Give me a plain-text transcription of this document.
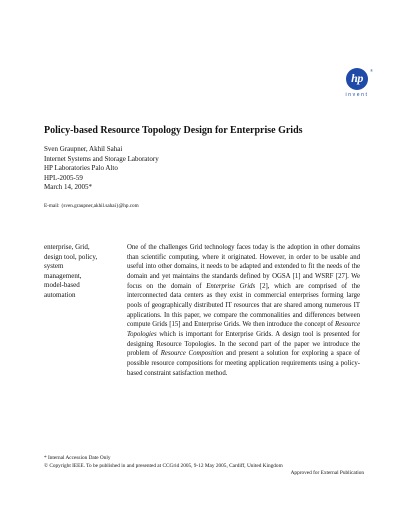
hp
®
invent
Policy-based Resource Topology Design for Enterprise Grids
Sven Graupner, Akhil Sahai
Internet Systems and Storage Laboratory
HP Laboratories Palo Alto
HPL-2005-59
March 14, 2005*
E-mail: {sven.graupner,akhil.sahai}@hp.com
enterprise, Grid,
design tool, policy,
system
management,
model-based
automation

One of the challenges Grid technology faces today is the adoption in other domains than scientific computing, where it originated. However, in order to be usable and useful into other domains, it needs to be adapted and extended to fit the needs of the domain and yet maintains the standards defined by OGSA [1] and WSRF [27]. We focus on the domain of Enterprise Grids [2], which are comprised of the interconnected data centers as they exist in commercial enterprises forming large pools of geographically distributed IT resources that are shared among numerous IT applications. In this paper, we compare the commonalities and differences between compute Grids [15] and Enterprise Grids. We then introduce the concept of Resource Topologies which is important for Enterprise Grids. A design tool is presented for designing Resource Topologies. In the second part of the paper we introduce the problem of Resource Composition and present a solution for exploring a space of possible resource compositions for meeting application requirements using a policy-based constraint satisfaction method.

* Internal Accession Date Only
© Copyright IEEE. To be published in and presented at CCGrid 2005, 9-12 May 2005, Cardiff, United Kingdom
Approved for External Publication
